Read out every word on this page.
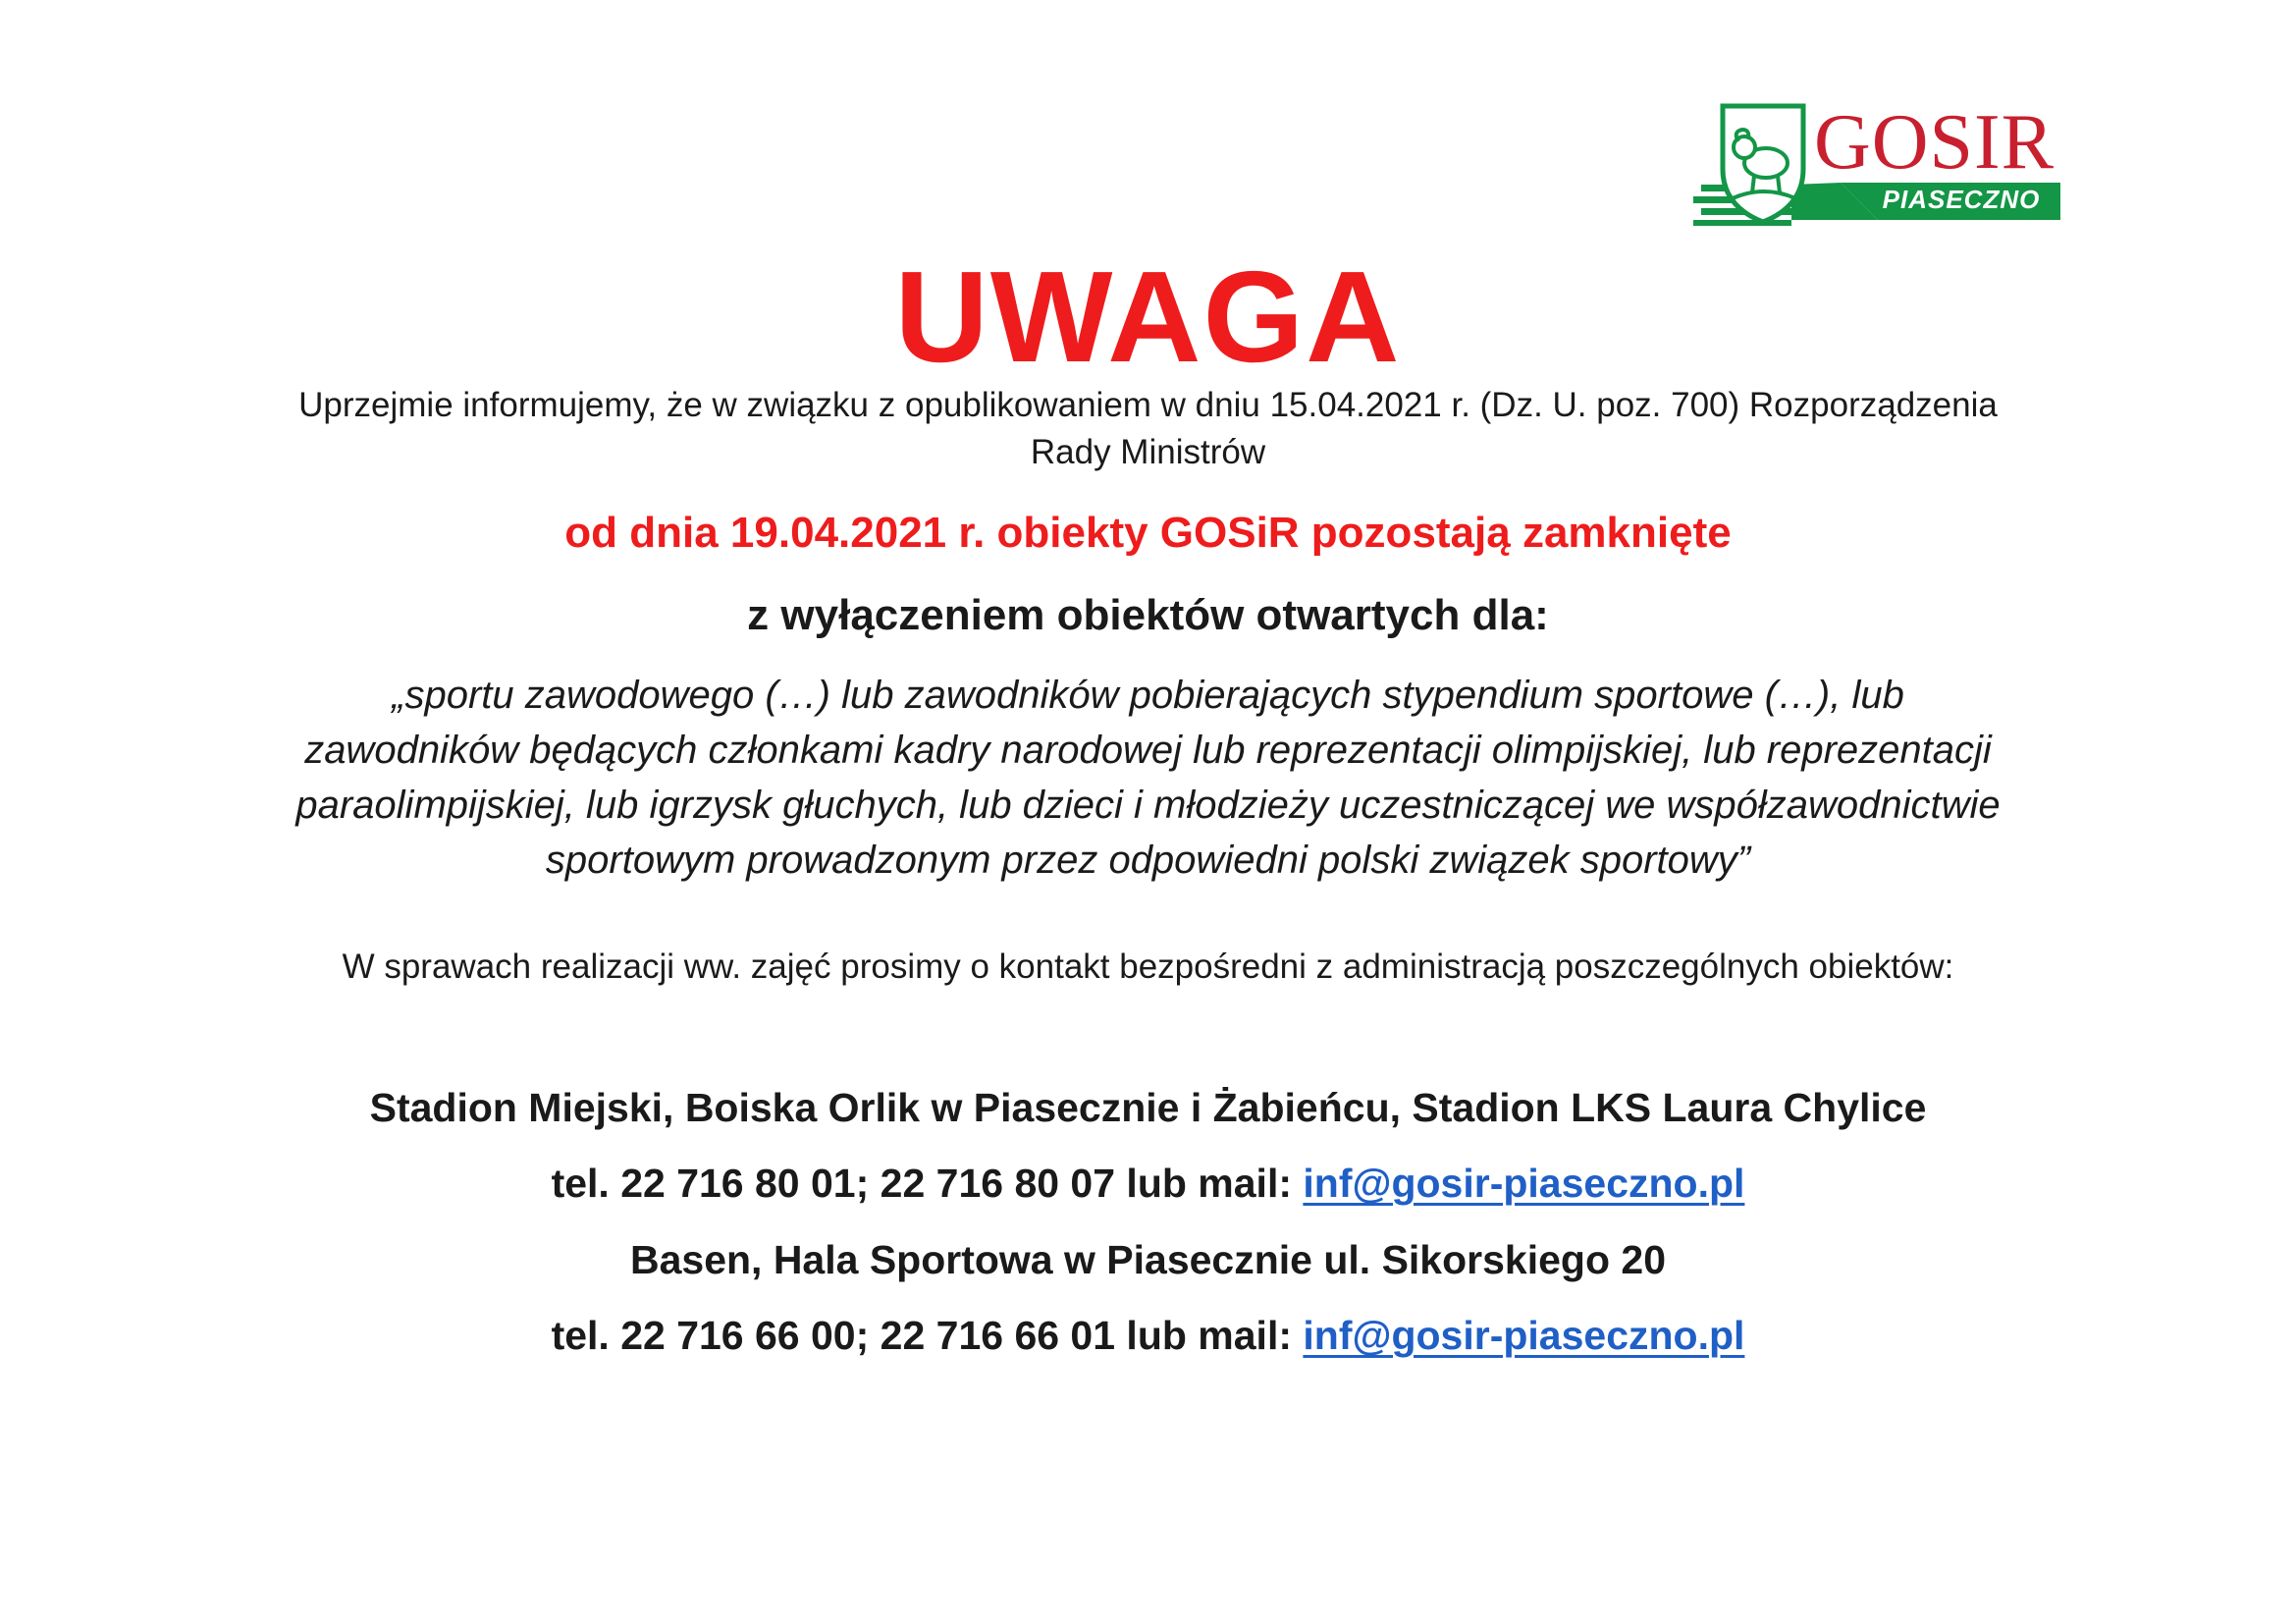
GOSIR
PIASECZNO
UWAGA
Uprzejmie informujemy, że w związku z opublikowaniem w dniu 15.04.2021 r. (Dz. U. poz. 700) Rozporządzenia
Rady Ministrów
od dnia 19.04.2021 r. obiekty GOSiR pozostają zamknięte
z wyłączeniem obiektów otwartych dla:
„sportu zawodowego (…) lub zawodników pobierających stypendium sportowe (…), lub
zawodników będących członkami kadry narodowej lub reprezentacji olimpijskiej, lub reprezentacji
paraolimpijskiej, lub igrzysk głuchych, lub dzieci i młodzieży uczestniczącej we współzawodnictwie
sportowym prowadzonym przez odpowiedni polski związek sportowy”
W sprawach realizacji ww. zajęć prosimy o kontakt bezpośredni z administracją poszczególnych obiektów:
Stadion Miejski, Boiska Orlik w Piasecznie i Żabieńcu, Stadion LKS Laura Chylice
tel. 22 716 80 01; 22 716 80 07 lub mail: inf@gosir-piaseczno.pl
Basen, Hala Sportowa w Piasecznie ul. Sikorskiego 20
tel. 22 716 66 00; 22 716 66 01 lub mail: inf@gosir-piaseczno.pl
